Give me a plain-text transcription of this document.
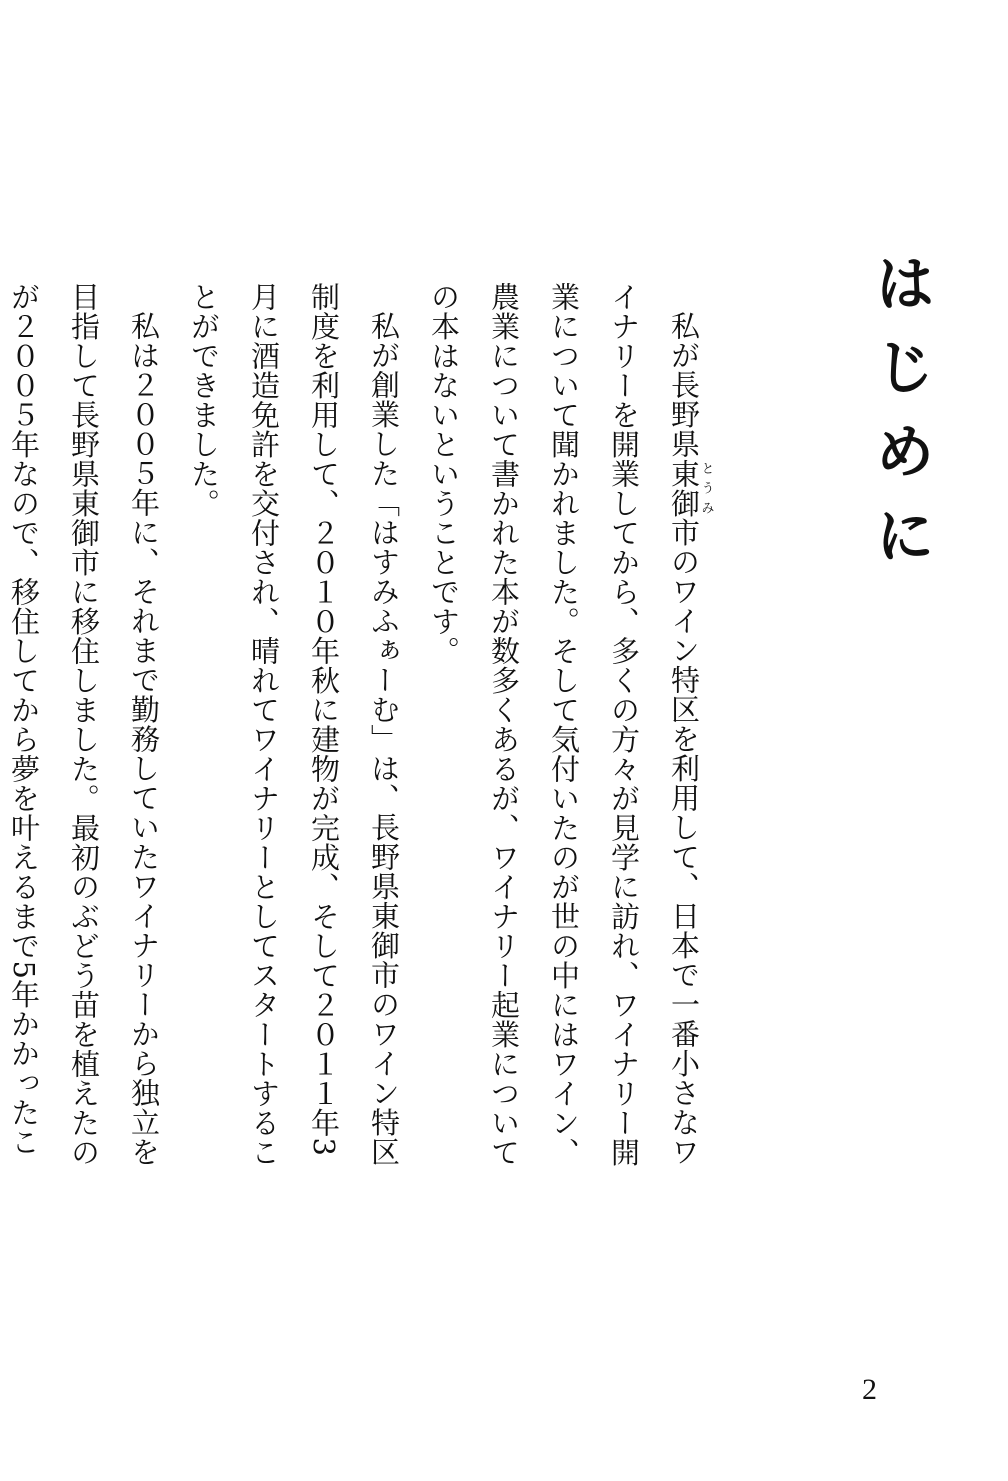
はじめに

私が長野県東御とうみ市のワイン特区を利用して、日本で一番小さなワイナリーを開業してから、多くの方々が見学に訪れ、ワイナリー開業について聞かれました。そして気付いたのが世の中にはワイン、農業について書かれた本が数多くあるが、ワイナリー起業についての本はないということです。

私が創業した「はすみふぁーむ」は、長野県東御市のワイン特区制度を利用して、２０１０年秋に建物が完成、そして２０１１年3月に酒造免許を交付され、晴れてワイナリーとしてスタートすることができました。

私は２００５年に、それまで勤務していたワイナリーから独立を目指して長野県東御市に移住しました。最初のぶどう苗を植えたのが２００５年なので、移住してから夢を叶えるまで5年かかったこ

2
